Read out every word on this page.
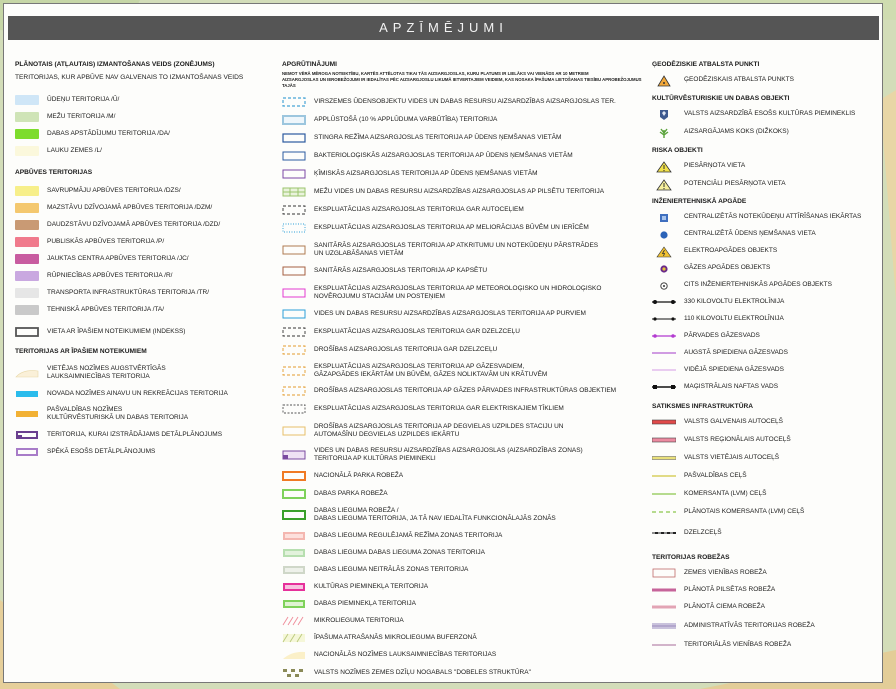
APZĪMĒJUMI
PLĀNOTAIS (ATĻAUTAIS) IZMANTOŠANAS VEIDS (ZONĒJUMS)
TERITORIJAS, KUR APBŪVE NAV GALVENAIS TO IZMANTOŠANAS VEIDS
ŪDEŅU TERITORIJA /Ū/
MEŽU TERITORIJA /M/
DABAS APSTĀDĪJUMU TERITORIJA /DA/
LAUKU ZEMES /L/
APBŪVES TERITORIJAS
SAVRUPMĀJU APBŪVES TERITORIJA /DZS/
MAZSTĀVU DZĪVOJAMĀ APBŪVES TERITORIJA /DZM/
DAUDZSTĀVU DZĪVOJAMĀ APBŪVES TERITORIJA /DZD/
PUBLISKĀS APBŪVES TERITORIJA /P/
JAUKTAS CENTRA APBŪVES TERITORIJA /JC/
RŪPNIECĪBAS APBŪVES TERITORIJA /R/
TRANSPORTA INFRASTRUKTŪRAS TERITORIJA /TR/
TEHNISKĀ APBŪVES TERITORIJA /TA/
VIETA AR ĪPAŠIEM NOTEIKUMIEM (INDEKSS)
TERITORIJAS AR ĪPAŠIEM NOTEIKUMIEM
VIETĒJAS NOZĪMES AUGSTVĒRTĪGĀS
LAUKSAIMNIECĪBAS TERITORIJA
NOVADA NOZĪMES AINAVU UN REKREĀCIJAS TERITORIJA
PAŠVALDĪBAS NOZĪMES
KULTŪRVĒSTURISKĀ UN DABAS TERITORIJA
TERITORIJA, KURAI IZSTRĀDĀJAMS DETĀLPLĀNOJUMS
SPĒKĀ ESOŠS DETĀLPLĀNOJUMS
APGRŪTINĀJUMI
NEMOT VĒRĀ MĒROGA NOTEIKTĪBU, KARTĒS ATTĒLOTAS TIKAI TĀS AIZSARGJOSLAS, KURU PLATUMS IR LIELĀKS VAI VIENĀDS AR 10 METRIEM
AIZSARGJOSLAS UN IEROBEŽOJUMI IR IEDALĪTAS PĒC AIZSARGJOSLU LIKUMĀ IETVERTAJIEM VEIDIEM, KAS NOSAKA ĪPAŠUMA LIETOŠANAS TIESĪBU APROBEŽOJUMUS TAJĀS
VIRSZEMES ŪDENSOBJEKTU VIDES UN DABAS RESURSU AIZSARDZĪBAS AIZSARGJOSLAS TER.
APPLŪSTOŠĀ (10 % APPLŪDUMA VARBŪTĪBA) TERITORIJA
STINGRA REŽĪMA AIZSARGJOSLAS TERITORIJA AP ŪDENS ŅEMŠANAS VIETĀM
BAKTERIOLOĢISKĀS AIZSARGJOSLAS TERITORIJA AP ŪDENS ŅEMŠANAS VIETĀM
ĶĪMISKĀS AIZSARGJOSLAS TERITORIJA AP ŪDENS ŅEMŠANAS VIETĀM
MEŽU VIDES UN DABAS RESURSU AIZSARDZĪBAS AIZSARGJOSLAS AP PILSĒTU TERITORIJA
EKSPLUATĀCIJAS AIZSARGJOSLAS TERITORIJA GAR AUTOCEĻIEM
EKSPLUATĀCIJAS AIZSARGJOSLAS TERITORIJA AP MELIORĀCIJAS BŪVĒM UN IERĪCĒM
SANITĀRĀS AIZSARGJOSLAS TERITORIJA AP ATKRITUMU UN NOTEKŪDEŅU PĀRSTRĀDES
UN UZGLABĀŠANAS VIETĀM
SANITĀRĀS AIZSARGJOSLAS TERITORIJA AP KAPSĒTU
EKSPLUATĀCIJAS AIZSARGJOSLAS TERITORIJA AP METEOROLOĢISKO UN HIDROLOĢISKO
NOVĒROJUMU STACIJĀM UN POSTEŅIEM
VIDES UN DABAS RESURSU AIZSARDZĪBAS AIZSARGJOSLAS TERITORIJA AP PURVIEM
EKSPLUATĀCIJAS AIZSARGJOSLAS TERITORIJA GAR DZELZCEĻU
DROŠĪBAS AIZSARGJOSLAS TERITORIJA GAR DZELZCEĻU
EKSPLUATĀCIJAS AIZSARGJOSLAS TERITORIJA AP GĀZESVADIEM,
GĀZAPGĀDES IEKĀRTĀM UN BŪVĒM, GĀZES NOLIKTAVĀM UN KRĀTUVĒM
DROŠĪBAS AIZSARGJOSLAS TERITORIJA AP GĀZES PĀRVADES INFRASTRUKTŪRAS OBJEKTIEM
EKSPLUATĀCIJAS AIZSARGJOSLAS TERITORIJA GAR ELEKTRISKAJIEM TĪKLIEM
DROŠĪBAS AIZSARGJOSLAS TERITORIJA AP DEGVIELAS UZPILDES STACIJU UN
AUTOMAŠĪNU DEGVIELAS UZPILDES IEKĀRTU
VIDES UN DABAS RESURSU AIZSARDZĪBAS AIZSARGJOSLAS (AIZSARDZĪBAS ZONAS)
TERITORIJA AP KULTŪRAS PIEMINEKLI
NACIONĀLĀ PARKA ROBEŽA
DABAS PARKA ROBEŽA
DABAS LIEGUMA ROBEŽA /
DABAS LIEGUMA TERITORIJA, JA TĀ NAV IEDALĪTA FUNKCIONĀLAJĀS ZONĀS
DABAS LIEGUMA REGULĒJAMĀ REŽĪMA ZONAS TERITORIJA
DABAS LIEGUMA DABAS LIEGUMA ZONAS TERITORIJA
DABAS LIEGUMA NEITRĀLĀS ZONAS TERITORIJA
KULTŪRAS PIEMINEKĻA TERITORIJA
DABAS PIEMINEKĻA TERITORIJA
MIKROLIEGUMA TERITORIJA
ĪPAŠUMA ATRAŠANĀS MIKROLIEGUMA BUFERZONĀ
NACIONĀLĀS NOZĪMES LAUKSAIMNIECĪBAS TERITORIJAS
VALSTS NOZĪMES ZEMES DZĪĻU NOGABALS "DOBELES STRUKTŪRA"
ĢEODĒZISKIE ATBALSTA PUNKTI
ĢEODĒZISKAIS ATBALSTA PUNKTS
KULTŪRVĒSTURISKIE UN DABAS OBJEKTI
VALSTS AIZSARDZĪBĀ ESOŠS KULTŪRAS PIEMINEKLIS
AIZSARGĀJAMS KOKS (DIŽKOKS)
RISKA OBJEKTI
PIESĀRŅOTA VIETA
POTENCIĀLI PIESĀRŅOTA VIETA
INŽENIERTEHNISKĀ APGĀDE
CENTRALIZĒTĀS NOTEKŪDEŅU ATTĪRĪŠANAS IEKĀRTAS
CENTRALIZĒTĀ ŪDENS ŅEMŠANAS VIETA
ELEKTROAPGĀDES OBJEKTS
GĀZES APGĀDES OBJEKTS
CITS INŽENIERTEHNISKĀS APGĀDES OBJEKTS
330 KILOVOLTU ELEKTROLĪNIJA
110 KILOVOLTU ELEKTROLĪNIJA
PĀRVADES GĀZESVADS
AUGSTĀ SPIEDIENA GĀZESVADS
VIDĒJĀ SPIEDIENA GĀZESVADS
MAĢISTRĀLAIS NAFTAS VADS
SATIKSMES INFRASTRUKTŪRA
VALSTS GALVENAIS AUTOCEĻŠ
VALSTS REĢIONĀLAIS AUTOCEĻŠ
VALSTS VIETĒJAIS AUTOCEĻŠ
PAŠVALDĪBAS CEĻŠ
KOMERSANTA (LVM) CEĻŠ
PLĀNOTAIS KOMERSANTA (LVM) CEĻŠ
DZELZCEĻŠ
TERITORIJAS ROBEŽAS
ZEMES VIENĪBAS ROBEŽA
PLĀNOTĀ PILSĒTAS ROBEŽA
PLĀNOTĀ CIEMA ROBEŽA
ADMINISTRATĪVĀS TERITORIJAS ROBEŽA
TERITORIĀLĀS VIENĪBAS ROBEŽA
